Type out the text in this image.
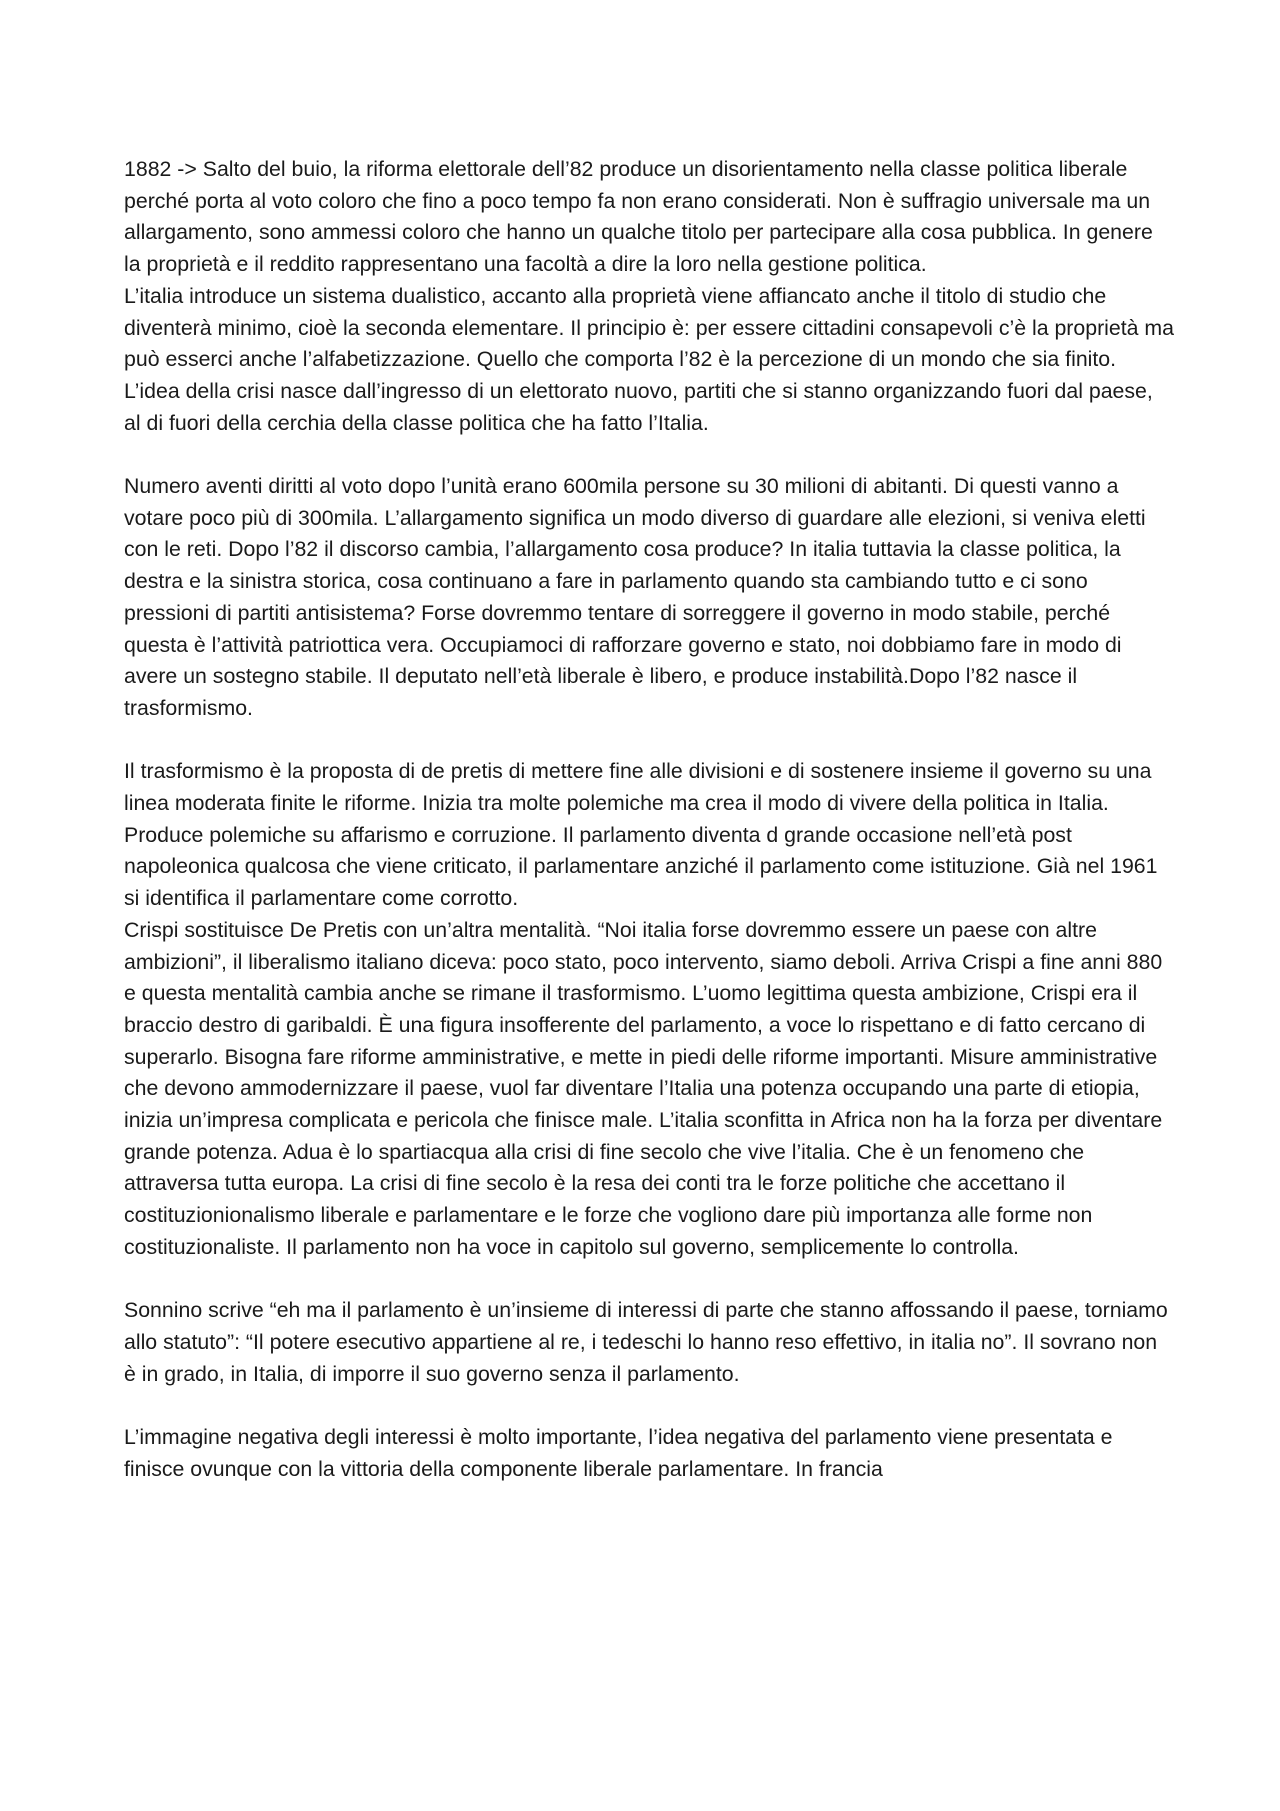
1882 -> Salto del buio, la riforma elettorale dell’82 produce un disorientamento nella classe politica liberale perché porta al voto coloro che fino a poco tempo fa non erano considerati. Non è suffragio universale ma un allargamento, sono ammessi coloro che hanno un qualche titolo per partecipare alla cosa pubblica. In genere la proprietà e il reddito rappresentano una facoltà a dire la loro nella gestione politica.

L’italia introduce un sistema dualistico, accanto alla proprietà viene affiancato anche il titolo di studio che diventerà minimo, cioè la seconda elementare. Il principio è: per essere cittadini consapevoli c’è la proprietà ma può esserci anche l’alfabetizzazione. Quello che comporta l’82 è la percezione di un mondo che sia finito. L’idea della crisi nasce dall’ingresso di un elettorato nuovo, partiti che si stanno organizzando fuori dal paese, al di fuori della cerchia della classe politica che ha fatto l’Italia.

Numero aventi diritti al voto dopo l’unità erano 600mila persone su 30 milioni di abitanti. Di questi vanno a votare poco più di 300mila. L’allargamento significa un modo diverso di guardare alle elezioni, si veniva eletti con le reti. Dopo l’82 il discorso cambia, l’allargamento cosa produce? In italia tuttavia la classe politica, la destra e la sinistra storica, cosa continuano a fare in parlamento quando sta cambiando tutto e ci sono pressioni di partiti antisistema? Forse dovremmo tentare di sorreggere il governo in modo stabile, perché questa è l’attività patriottica vera. Occupiamoci di rafforzare governo e stato, noi dobbiamo fare in modo di avere un sostegno stabile. Il deputato nell’età liberale è libero, e produce instabilità.Dopo l’82 nasce il trasformismo.

Il trasformismo è la proposta di de pretis di mettere fine alle divisioni e di sostenere insieme il governo su una linea moderata finite le riforme. Inizia tra molte polemiche ma crea il modo di vivere della politica in Italia. Produce polemiche su affarismo e corruzione. Il parlamento diventa d grande occasione nell’età post napoleonica qualcosa che viene criticato, il parlamentare anziché il parlamento come istituzione. Già nel 1961 si identifica il parlamentare come corrotto.

Crispi sostituisce De Pretis con un’altra mentalità. “Noi italia forse dovremmo essere un paese con altre ambizioni”, il liberalismo italiano diceva: poco stato, poco intervento, siamo deboli. Arriva Crispi a fine anni 880 e questa mentalità cambia anche se rimane il trasformismo. L’uomo legittima questa ambizione, Crispi era il braccio destro di garibaldi. È una figura insofferente del parlamento, a voce lo rispettano e di fatto cercano di superarlo. Bisogna fare riforme amministrative, e mette in piedi delle riforme importanti. Misure amministrative che devono ammodernizzare il paese, vuol far diventare l’Italia una potenza occupando una parte di etiopia, inizia un’impresa complicata e pericola che finisce male. L’italia sconfitta in Africa non ha la forza per diventare grande potenza. Adua è lo spartiacqua alla crisi di fine secolo che vive l’italia. Che è un fenomeno che attraversa tutta europa. La crisi di fine secolo è la resa dei conti tra le forze politiche che accettano il costituzionionalismo liberale e parlamentare e le forze che vogliono dare più importanza alle forme non costituzionaliste. Il parlamento non ha voce in capitolo sul governo, semplicemente lo controlla.

Sonnino scrive “eh ma il parlamento è un’insieme di interessi di parte che stanno affossando il paese, torniamo allo statuto”: “Il potere esecutivo appartiene al re, i tedeschi lo hanno reso effettivo, in italia no”. Il sovrano non è in grado, in Italia, di imporre il suo governo senza il parlamento.

L’immagine negativa degli interessi è molto importante, l’idea negativa del parlamento viene presentata e finisce ovunque con la vittoria della componente liberale parlamentare. In francia
